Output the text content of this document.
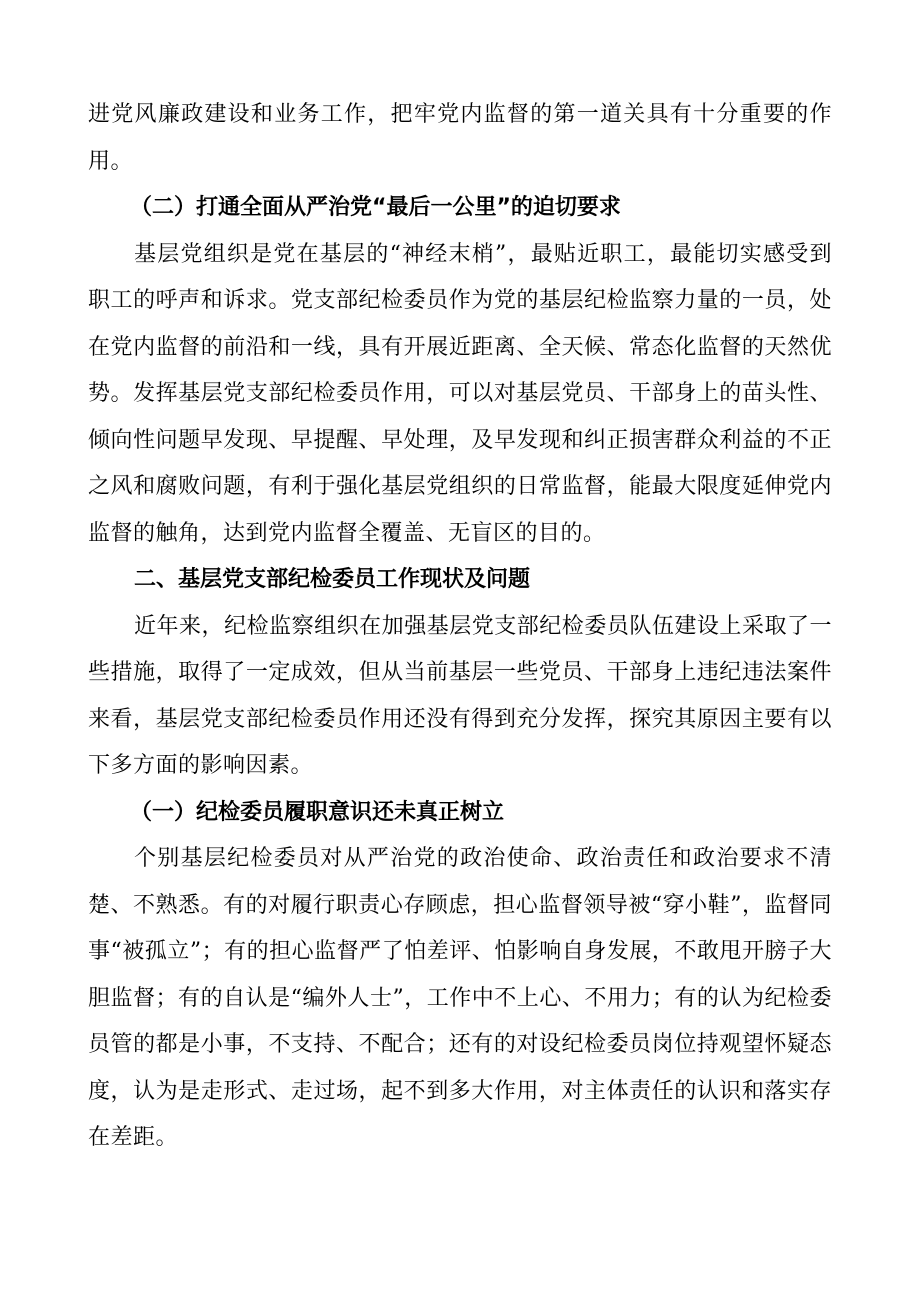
进党风廉政建设和业务工作，把牢党内监督的第一道关具有十分重要的作用。

（二）打通全面从严治党“最后一公里”的迫切要求

基层党组织是党在基层的“神经末梢”，最贴近职工，最能切实感受到职工的呼声和诉求。党支部纪检委员作为党的基层纪检监察力量的一员，处在党内监督的前沿和一线，具有开展近距离、全天候、常态化监督的天然优势。发挥基层党支部纪检委员作用，可以对基层党员、干部身上的苗头性、倾向性问题早发现、早提醒、早处理，及早发现和纠正损害群众利益的不正之风和腐败问题，有利于强化基层党组织的日常监督，能最大限度延伸党内监督的触角，达到党内监督全覆盖、无盲区的目的。

二、基层党支部纪检委员工作现状及问题

近年来，纪检监察组织在加强基层党支部纪检委员队伍建设上采取了一些措施，取得了一定成效，但从当前基层一些党员、干部身上违纪违法案件来看，基层党支部纪检委员作用还没有得到充分发挥，探究其原因主要有以下多方面的影响因素。

（一）纪检委员履职意识还未真正树立

个别基层纪检委员对从严治党的政治使命、政治责任和政治要求不清楚、不熟悉。有的对履行职责心存顾虑，担心监督领导被“穿小鞋”，监督同事“被孤立”；有的担心监督严了怕差评、怕影响自身发展，不敢甩开膀子大胆监督；有的自认是“编外人士”，工作中不上心、不用力；有的认为纪检委员管的都是小事，不支持、不配合；还有的对设纪检委员岗位持观望怀疑态度，认为是走形式、走过场，起不到多大作用，对主体责任的认识和落实存在差距。
